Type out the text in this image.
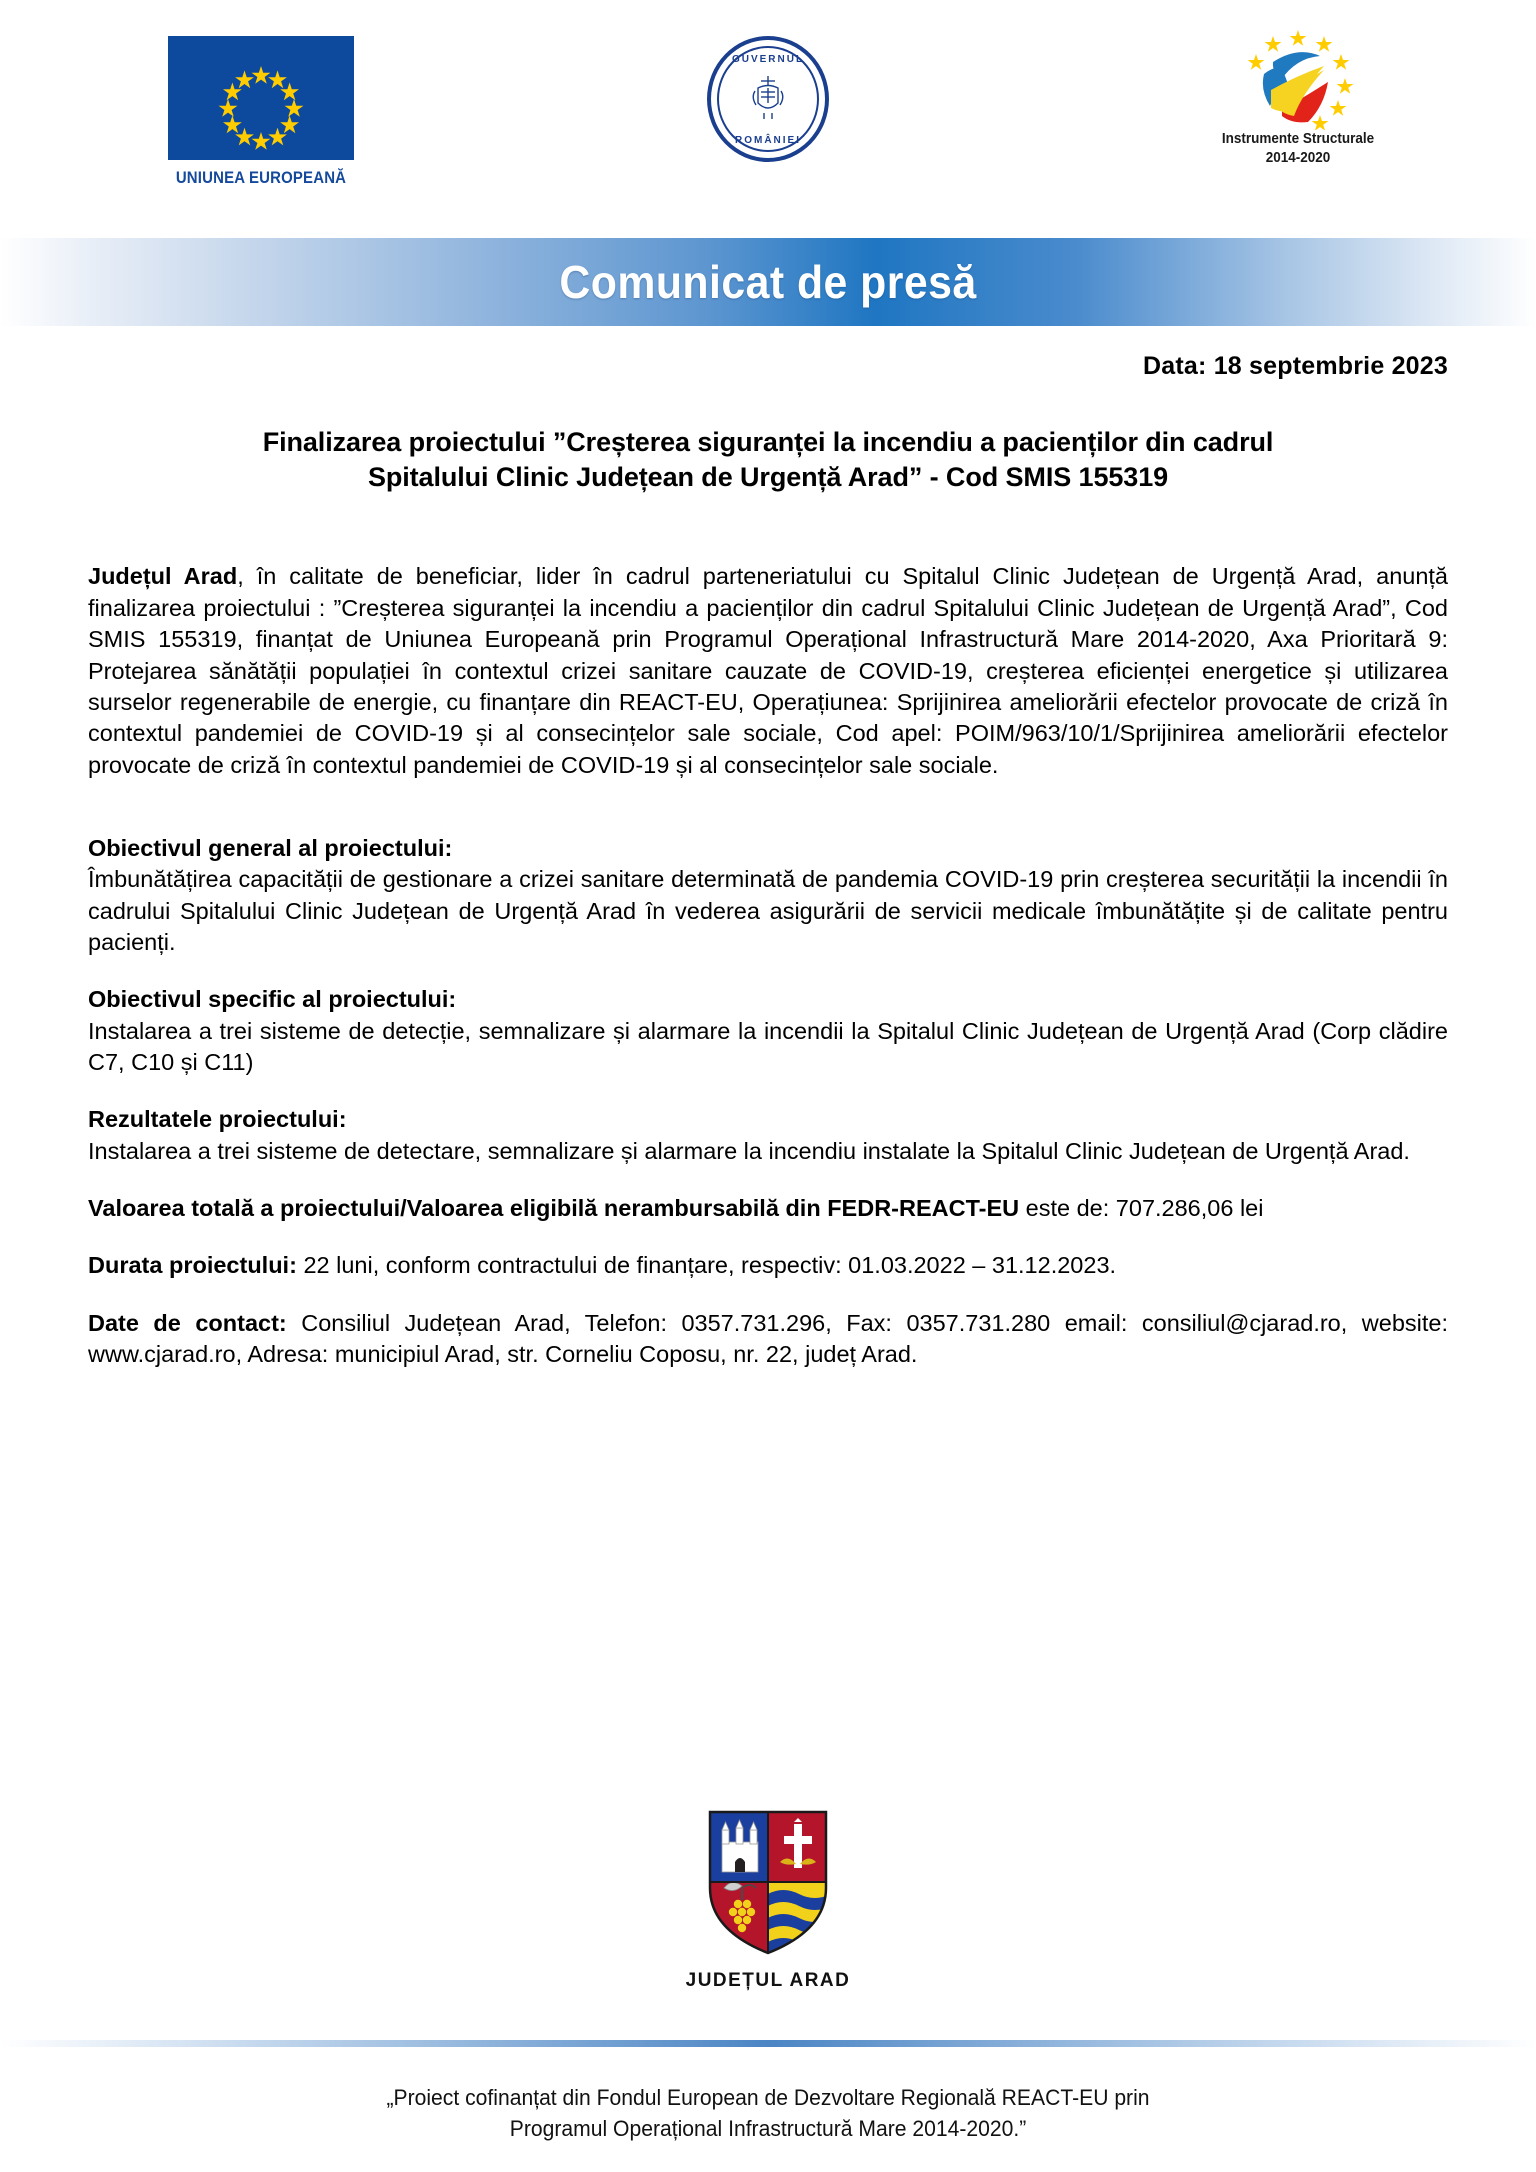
UNIUNEA EUROPEANĂ
GUVERNUL
ROMÂNIEI	Instrumente Structurale
2014-2020
Comunicat de presă
Data: 18 septembrie 2023
Finalizarea proiectului ”Creșterea siguranței la incendiu a pacienților din cadrul
Spitalului Clinic Județean de Urgență Arad” - Cod SMIS 155319

Județul Arad, în calitate de beneficiar, lider în cadrul parteneriatului cu Spitalul Clinic Județean de Urgență Arad, anunță finalizarea proiectului : ”Creșterea siguranței la incendiu a pacienților din cadrul Spitalului Clinic Județean de Urgență Arad”, Cod SMIS 155319, finanțat de Uniunea Europeană prin Programul Operațional Infrastructură Mare 2014-2020, Axa Prioritară 9: Protejarea sănătății populației în contextul crizei sanitare cauzate de COVID-19, creșterea eficienței energetice și utilizarea surselor regenerabile de energie, cu finanțare din REACT-EU, Operațiunea: Sprijinirea ameliorării efectelor provocate de criză în contextul pandemiei de COVID-19 și al consecințelor sale sociale, Cod apel: POIM/963/10/1/Sprijinirea ameliorării efectelor provocate de criză în contextul pandemiei de COVID-19 și al consecințelor sale sociale.

Obiectivul general al proiectului:

Îmbunătățirea capacității de gestionare a crizei sanitare determinată de pandemia COVID-19 prin creșterea securității la incendii în cadrului Spitalului Clinic Județean de Urgență Arad în vederea asigurării de servicii medicale îmbunătățite și de calitate pentru pacienți.

Obiectivul specific al proiectului:

Instalarea a trei sisteme de detecție, semnalizare și alarmare la incendii la Spitalul Clinic Județean de Urgență Arad (Corp clădire C7, C10 și C11)

Rezultatele proiectului:

Instalarea a trei sisteme de detectare, semnalizare și alarmare la incendiu instalate la Spitalul Clinic Județean de Urgență Arad.

Valoarea totală a proiectului/Valoarea eligibilă nerambursabilă din FEDR-REACT-EU este de: 707.286,06 lei

Durata proiectului: 22 luni, conform contractului de finanțare, respectiv: 01.03.2022 – 31.12.2023.

Date de contact: Consiliul Județean Arad, Telefon: 0357.731.296, Fax: 0357.731.280 email: consiliul@cjarad.ro, website: www.cjarad.ro, Adresa: municipiul Arad, str. Corneliu Coposu, nr. 22, județ Arad.

JUDEȚUL ARAD
„Proiect cofinanțat din Fondul European de Dezvoltare Regională REACT-EU prin
Programul Operațional Infrastructură Mare 2014-2020.”
